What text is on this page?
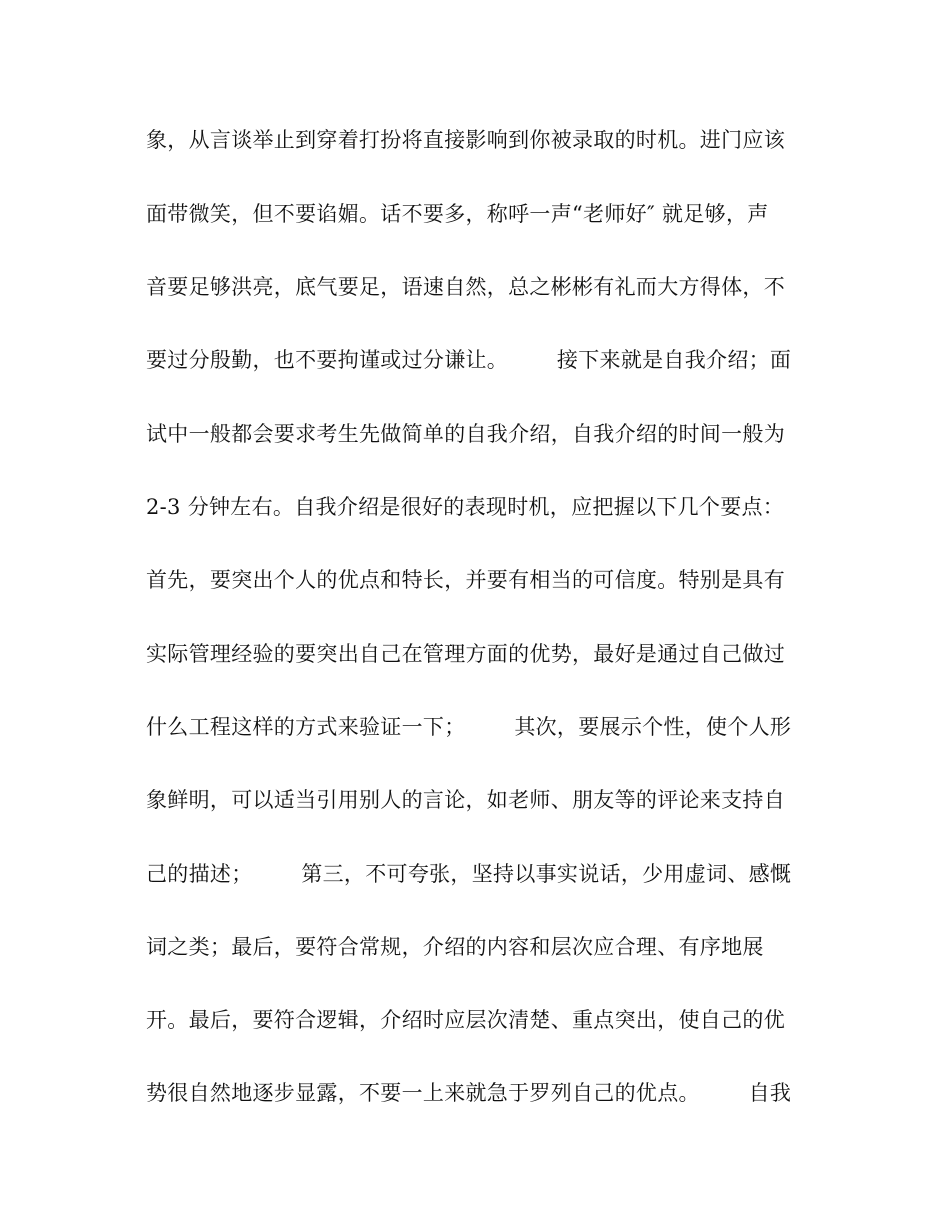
象，从言谈举止到穿着打扮将直接影响到你被录取的时机。进门应该
面带微笑，但不要谄媚。话不要多，称呼一声“老师好″ 就足够，声
音要足够洪亮，底气要足，语速自然，总之彬彬有礼而大方得体，不
要过分殷勤，也不要拘谨或过分谦让。       接下来就是自我介绍；面
试中一般都会要求考生先做简单的自我介绍，自我介绍的时间一般为
2-3 分钟左右。自我介绍是很好的表现时机，应把握以下几个要点：
首先，要突出个人的优点和特长，并要有相当的可信度。特别是具有
实际管理经验的要突出自己在管理方面的优势，最好是通过自己做过
什么工程这样的方式来验证一下；       其次，要展示个性，使个人形
象鲜明，可以适当引用别人的言论，如老师、朋友等的评论来支持自
己的描述；       第三，不可夸张，坚持以事实说话，少用虚词、感慨
词之类；最后，要符合常规，介绍的内容和层次应合理、有序地展
开。最后，要符合逻辑，介绍时应层次清楚、重点突出，使自己的优
势很自然地逐步显露，不要一上来就急于罗列自己的优点。       自我
